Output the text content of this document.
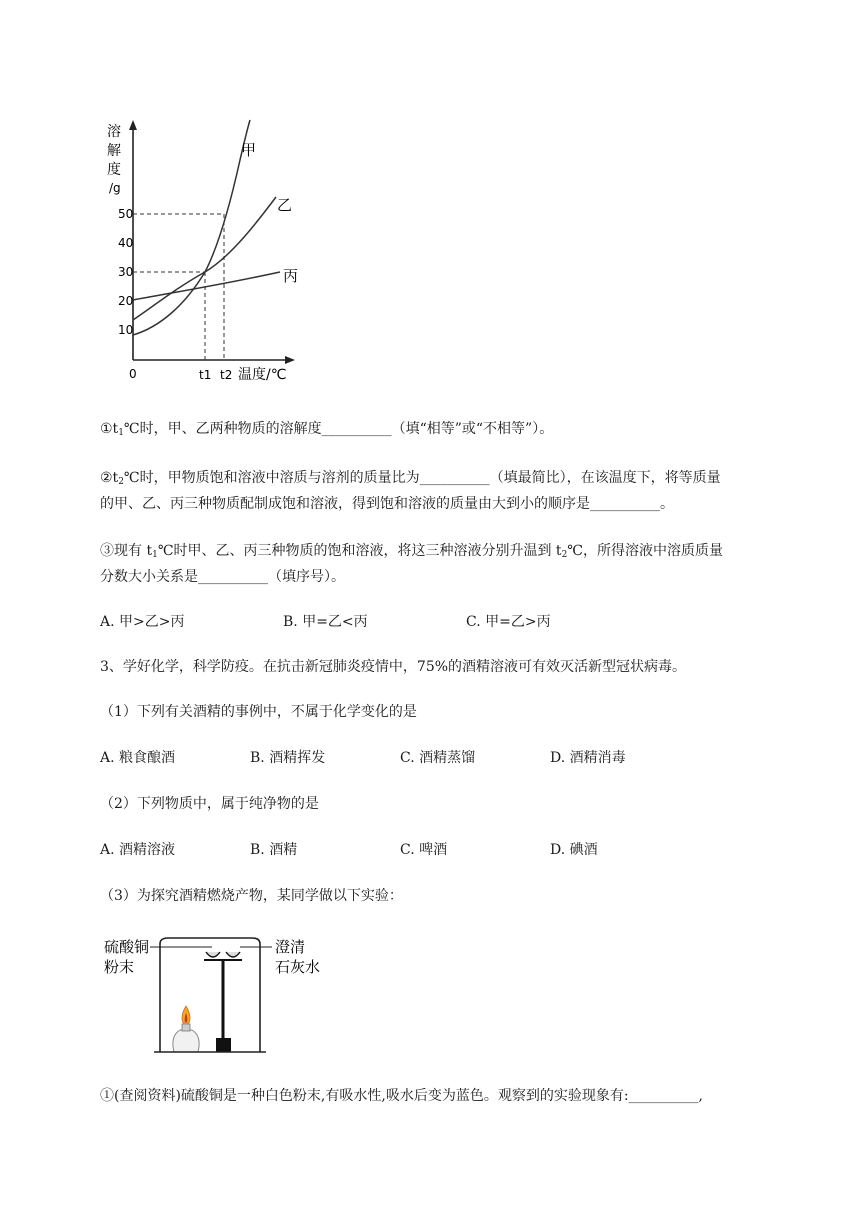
溶
解
度
/g
50
40
30
20
10
0
甲
乙
丙
t1 t2 温度/℃
$①t_1℃$时，甲、乙两种物质的溶解度__________（填“相等”或“不相等”）。
$②t_2℃$时，甲物质饱和溶液中溶质与溶剂的质量比为__________（填最简比），在该温度下，将等质量
的甲、乙、丙三种物质配制成饱和溶液，得到饱和溶液的质量由大到小的顺序是__________。
③现有 $t_1℃$时甲、乙、丙三种物质的饱和溶液，将这三种溶液分别升温到 $t_2℃$，所得溶液中溶质质量
分数大小关系是__________（填序号）。
A. 甲>乙>丙	B. 甲=乙<丙	C. 甲=乙>丙
3、学好化学，科学防疫。在抗击新冠肺炎疫情中，75%的酒精溶液可有效灭活新型冠状病毒。
（1）下列有关酒精的事例中，不属于化学变化的是
A. 粮食酿酒	B. 酒精挥发	C. 酒精蒸馏	D. 酒精消毒
（2）下列物质中，属于纯净物的是
A. 酒精溶液	B. 酒精	C. 啤酒	D. 碘酒
（3）为探究酒精燃烧产物，某同学做以下实验：
硫酸铜
粉末
澄清
石灰水
①(查阅资料)硫酸铜是一种白色粉末,有吸水性,吸水后变为蓝色。观察到的实验现象有:__________,
